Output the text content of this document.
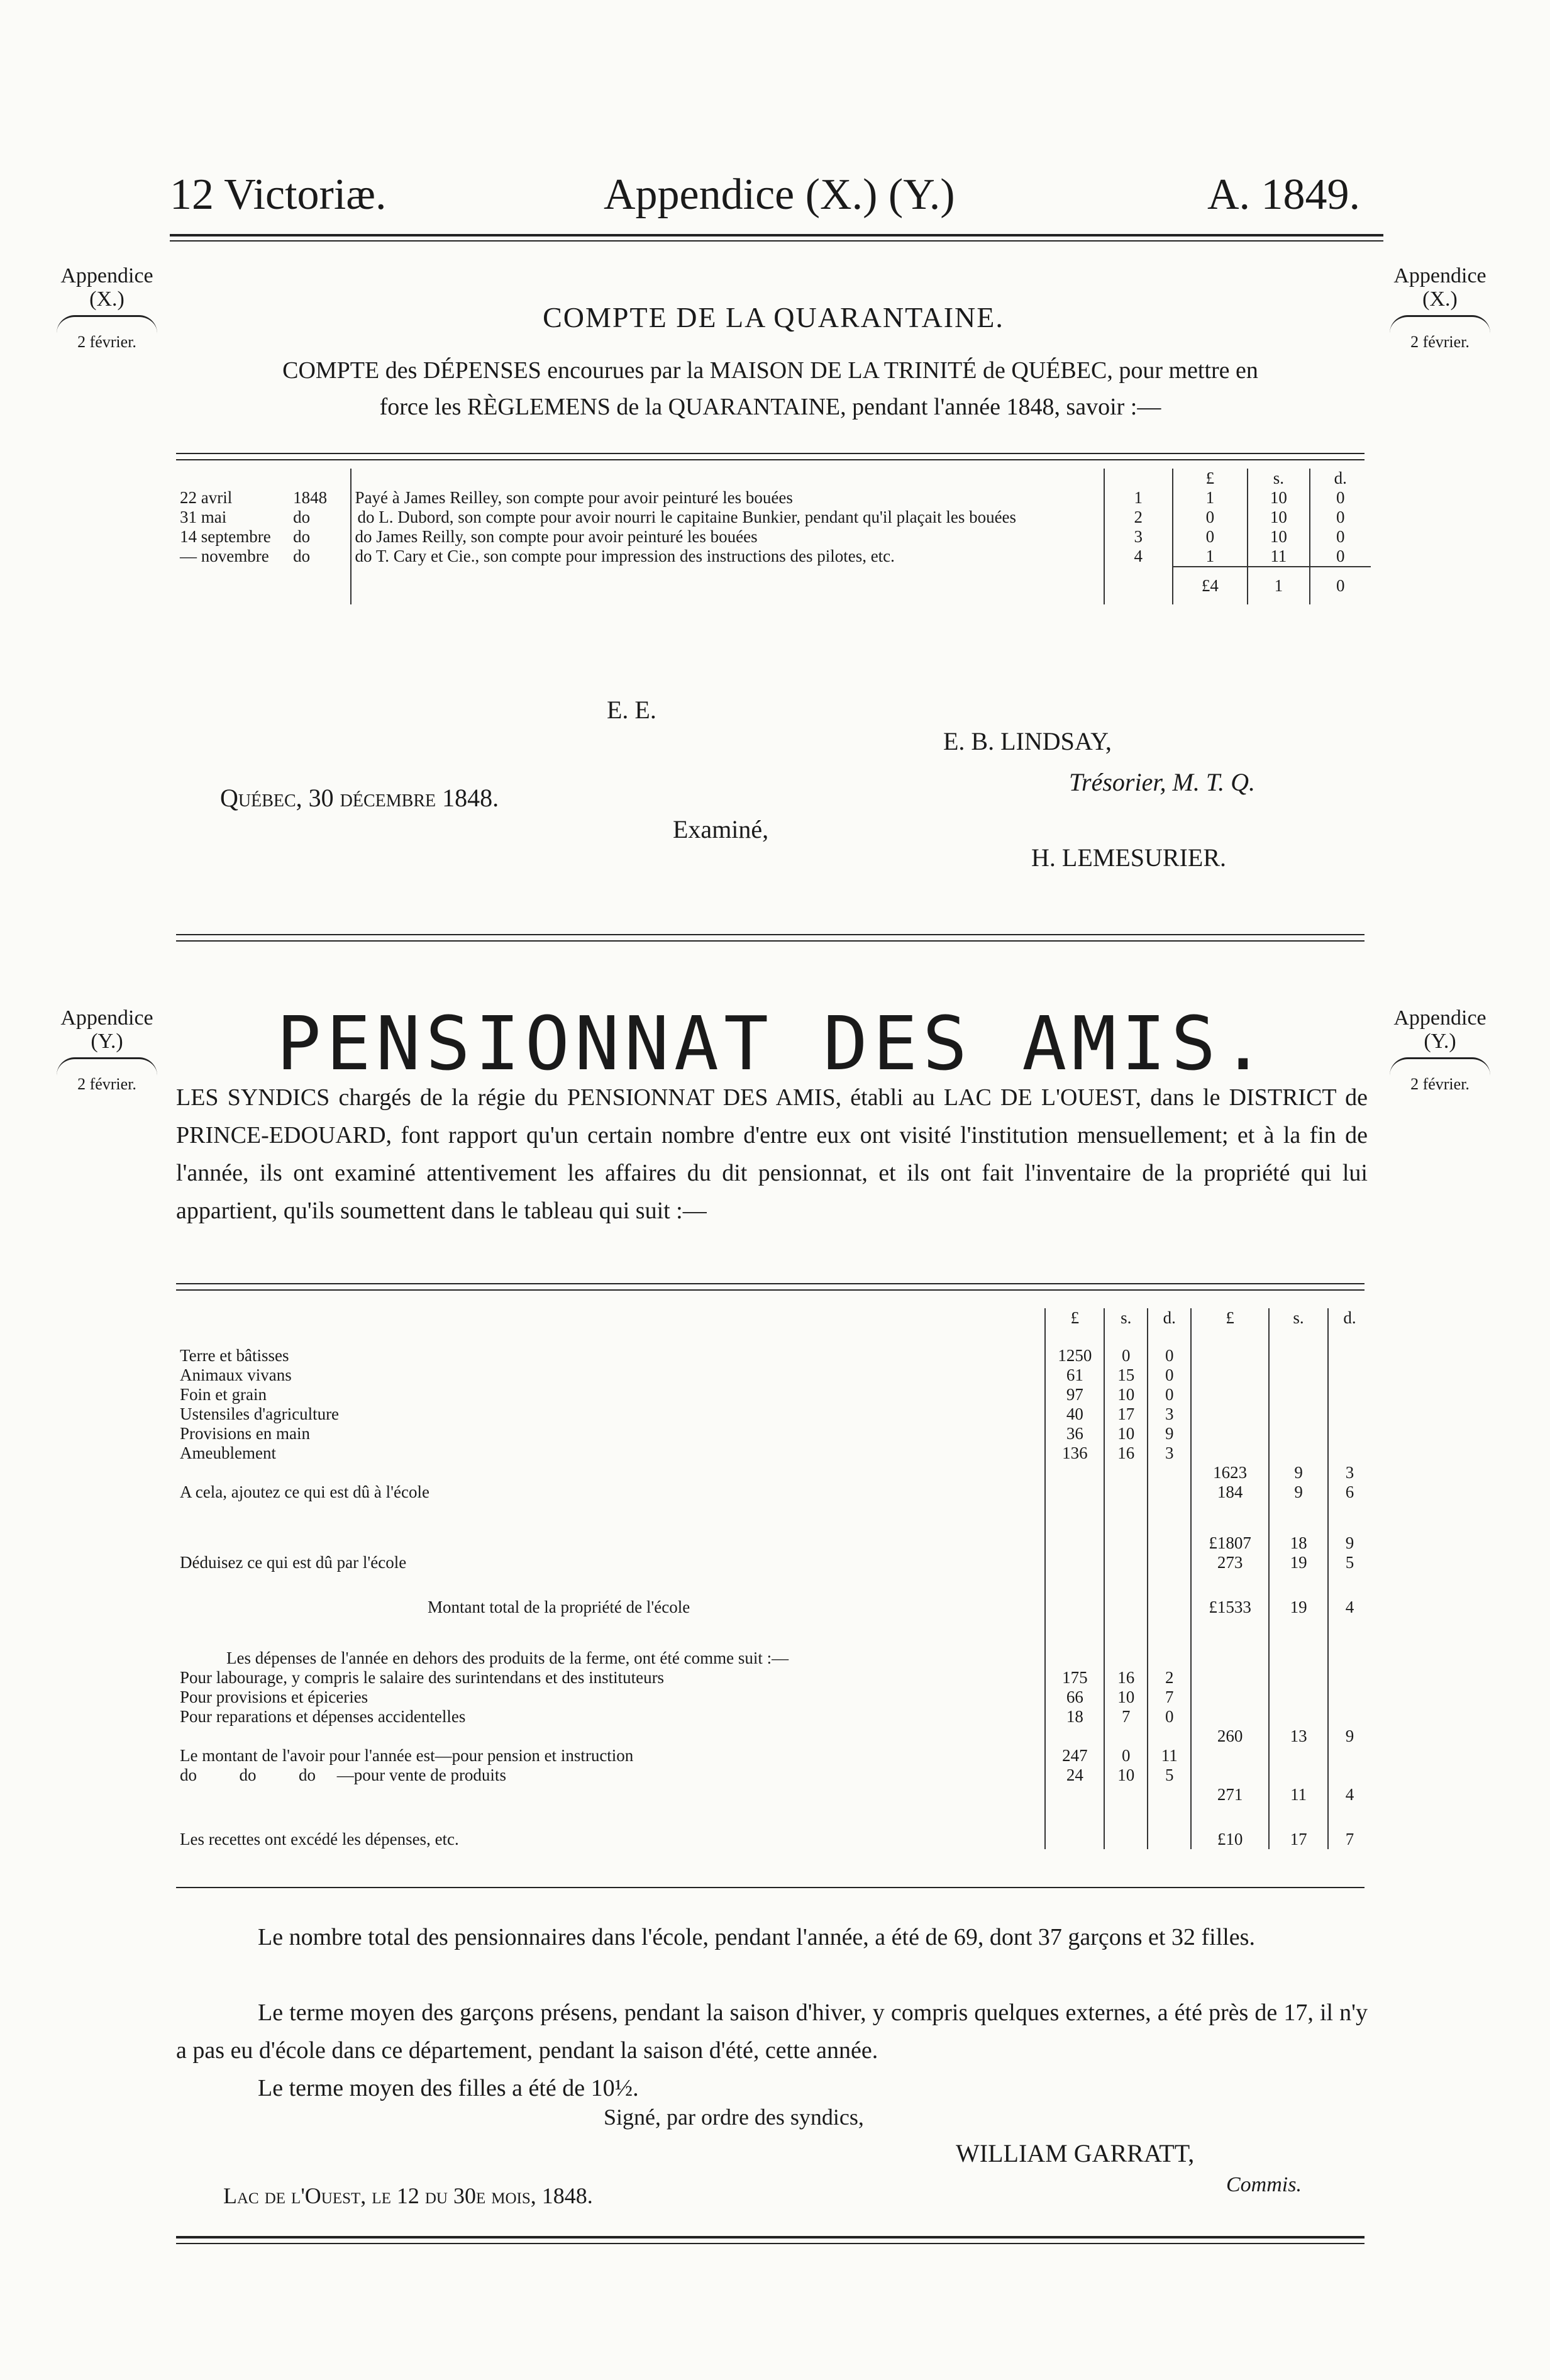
12 Victoriæ.	Appendice (X.) (Y.)	A. 1849.
Appendice
(X.)
2 février.
Appendice
(X.)
2 février.
COMPTE DE LA QUARANTAINE.
COMPTE des DÉPENSES encourues par la MAISON DE LA TRINITÉ de QUÉBEC, pour mettre en
force les RÈGLEMENS de la QUARANTAINE, pendant l'année 1848, savoir :—
				£	s.	d.
22 avril	1848	Payé à James Reilley, son compte pour avoir peinturé les bouées	1	1	10	0
31 mai	do	do L. Dubord, son compte pour avoir nourri le capitaine Bunkier, pendant qu'il plaçait les bouées	2	0	10	0
14 septembre	do	do James Reilly, son compte pour avoir peinturé les bouées	3	0	10	0
— novembre	do	do T. Cary et Cie., son compte pour impression des instructions des pilotes, etc.	4	1	11	0
				£4	1	0
E. E.
E. B. LINDSAY,
Trésorier, M. T. Q.
Québec, 30 décembre 1848.
Examiné,
H. LEMESURIER.
Appendice
(Y.)
2 février.
Appendice
(Y.)
2 février.
PENSIONNAT DES AMIS.
LES SYNDICS chargés de la régie du PENSIONNAT DES AMIS, établi au LAC DE L'OUEST, dans le DISTRICT de PRINCE-EDOUARD, font rapport qu'un certain nombre d'entre eux ont visité l'institution mensuellement; et à la fin de l'année, ils ont examiné attentivement les affaires du dit pensionnat, et ils ont fait l'inventaire de la propriété qui lui appartient, qu'ils soumettent dans le tableau qui suit :—
	£	s.	d.	£	s.	d.
Terre et bâtisses	1250	0	0			
Animaux vivans	61	15	0			
Foin et grain	97	10	0			
Ustensiles d'agriculture	40	17	3			
Provisions en main	36	10	9			
Ameublement	136	16	3			
				1623	9	3
A cela, ajoutez ce qui est dû à l'école				184	9	6

				£1807	18	9
Déduisez ce qui est dû par l'école				273	19	5

Montant total de la propriété de l'école				£1533	19	4

Les dépenses de l'année en dehors des produits de la ferme, ont été comme suit :—						
Pour labourage, y compris le salaire des surintendans et des instituteurs	175	16	2			
Pour provisions et épiceries	66	10	7			
Pour reparations et dépenses accidentelles	18	7	0			
				260	13	9
Le montant de l'avoir pour l'année est—pour pension et instruction	247	0	11			
do          do          do     —pour vente de produits	24	10	5			
				271	11	4

Les recettes ont excédé les dépenses, etc.				£10	17	7
Le nombre total des pensionnaires dans l'école, pendant l'année, a été de 69, dont 37 garçons et 32 filles.
Le terme moyen des garçons présens, pendant la saison d'hiver, y compris quelques externes, a été près de 17, il n'y a pas eu d'école dans ce département, pendant la saison d'été, cette année.
Le terme moyen des filles a été de 10½.
Signé, par ordre des syndics,
WILLIAM GARRATT,
Commis.
Lac de l'Ouest, le 12 du 30e mois, 1848.
